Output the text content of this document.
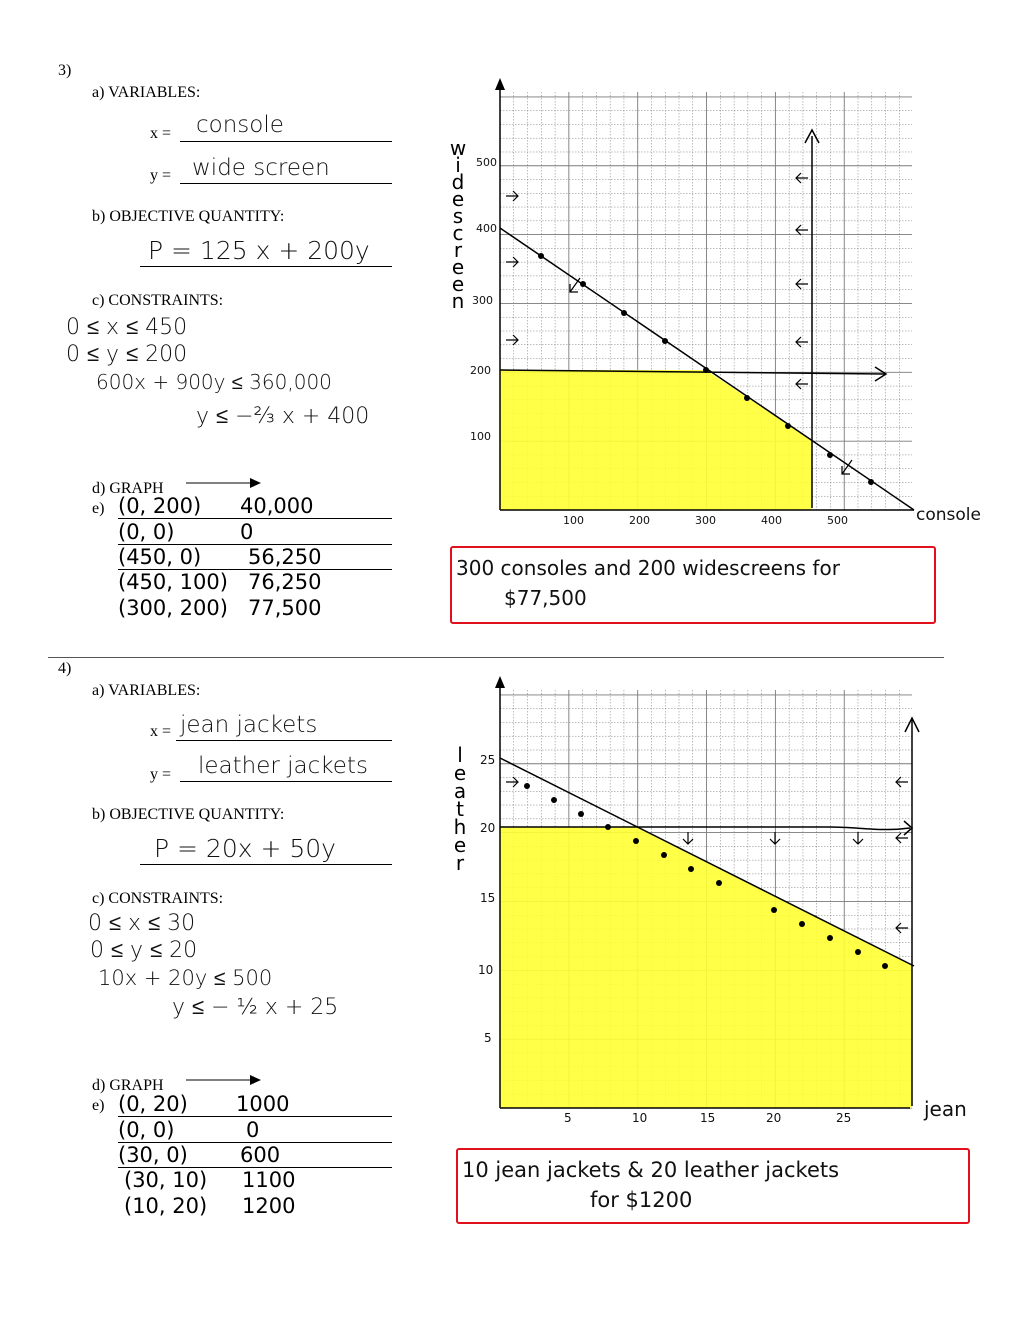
3)
a) VARIABLES:
x =	console
y = wide screen
b) OBJECTIVE QUANTITY:
P = 125 x + 200y
c) CONSTRAINTS:
0 ≤ x ≤ 450
0 ≤ y ≤ 200
600x + 900y ≤ 360,000
y ≤ −⅔ x + 400
d) GRAPH
e) (0, 200) 40,000
(0, 0)	0
(450, 0) 56,250
(450, 100) 76,250
(300, 200) 77,500
100	200	300	400	500
100
200
300
400
500
console
w
i
d
e
s
c
r
e
e
n
300 consoles and 200 widescreens for
$77,500
4)
a) VARIABLES:
x = jean jackets
y =	leather jackets
b) OBJECTIVE QUANTITY:
P = 20x + 50y
c) CONSTRAINTS:
0 ≤ x ≤ 30
0 ≤ y ≤ 20
10x + 20y ≤ 500
y ≤ − ½ x + 25
d) GRAPH
e) (0, 20) 1000
(0, 0)	0
(30, 0) 600
(30, 10) 1100
(10, 20) 1200
5	10	15	20	25
5
10
15
20
25
jean
l
e
a
t
h
e
r
10 jean jackets & 20 leather jackets
for $1200
